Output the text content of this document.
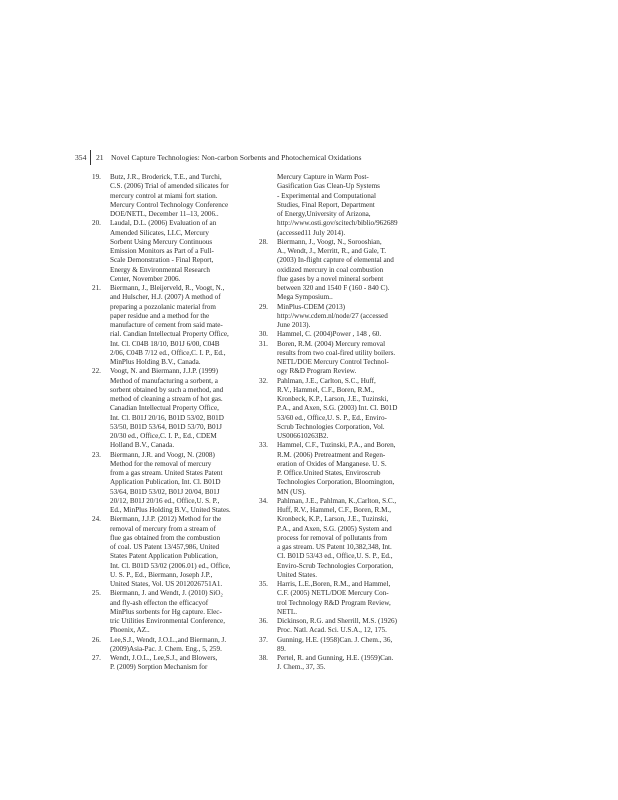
354 21 Novel Capture Technologies: Non-carbon Sorbents and Photochemical Oxidations
19. Butz, J.R., Broderick, T.E., and Turchi,
C.S. (2006) Trial of amended silicates for
mercury control at miami fort station.
Mercury Control Technology Conference
DOE/NETL, December 11–13, 2006..
20. Laudal, D.L. (2006) Evaluation of an
Amended Silicates, LLC, Mercury
Sorbent Using Mercury Continuous
Emission Monitors as Part of a Full-
Scale Demonstration - Final Report,
Energy & Environmental Research
Center, November 2006.
21. Biermann, J., Bleijerveld, R., Voogt, N.,
and Hulscher, H.J. (2007) A method of
preparing a pozzolanic material from
paper residue and a method for the
manufacture of cement from said mate-
rial. Candian Intellectual Property Office,
Int. Cl. C04B 18/10, B01J 6/00, C04B
2/06, C04B 7/12 ed., Office,C. I. P., Ed.,
MinPlus Holding B.V., Canada.
22. Voogt, N. and Biermann, J.J.P. (1999)
Method of manufacturing a sorbent, a
sorbent obtained by such a method, and
method of cleaning a stream of hot gas.
Canadian Intellectual Property Office,
Int. Cl. B01J 20/16, B01D 53/02, B01D
53/50, B01D 53/64, B01D 53/70, B01J
20/30 ed., Office,C. I. P., Ed., CDEM
Holland B.V., Canada.
23. Biermann, J.R. and Voogt, N. (2008)
Method for the removal of mercury
from a gas stream. United States Patent
Application Publication, Int. Cl. B01D
53/64, B01D 53/02, B01J 20/04, B01J
20/12, B01J 20/16 ed., Office,U. S. P.,
Ed., MinPlus Holding B.V., United States.
24. Biermann, J.J.P. (2012) Method for the
removal of mercury from a stream of
flue gas obtained from the combustion
of coal. US Patent 13/457,986, United
States Patent Application Publication,
Int. Cl. B01D 53/02 (2006.01) ed., Office,
U. S. P., Ed., Biermann, Joseph J.P.,
United States, Vol. US 2012026751A1.
25. Biermann, J. and Wendt, J. (2010) SiO₂
and fly-ash effecton the efficacyof
MinPlus sorbents for Hg capture. Elec-
tric Utilities Environmental Conference,
Phoenix, AZ..
26. Lee,S.J., Wendt, J.O.L.,and Biermann, J.
(2009)Asia-Pac. J. Chem. Eng., 5, 259.
27. Wendt, J.O.L., Lee,S.J., and Blowers,
P. (2009) Sorption Mechanism for
Mercury Capture in Warm Post-
Gasification Gas Clean-Up Systems
- Experimental and Computational
Studies, Final Report, Department
of Energy,University of Arizona,
http://www.osti.gov/scitech/biblio/962689
(accessed11 July 2014).
28. Biermann, J., Voogt, N., Sorooshian,
A., Wendt, J., Merritt, R., and Gale, T.
(2003) In-flight capture of elemental and
oxidized mercury in coal combustion
flue gases by a novel mineral sorbent
between 320 and 1540 F (160 - 840 C).
Mega Symposium..
29. MinPlus-CDEM (2013)
http://www.cdem.nl/node/27 (accessed
June 2013).
30. Hammel, C. (2004)Power , 148 , 60.
31. Boren, R.M. (2004) Mercury removal
results from two coal-fired utility boilers.
NETL/DOE Mercury Control Technol-
ogy R&D Program Review.
32. Pahlman, J.E., Carlton, S.C., Huff,
R.V., Hammel, C.F., Boren, R.M.,
Kronbeck, K.P., Larson, J.E., Tuzinski,
P.A., and Axen, S.G. (2003) Int. Cl. B01D
53/60 ed., Office,U. S. P., Ed., Enviro-
Scrub Technologies Corporation, Vol.
US006610263B2.
33. Hammel, C.F., Tuzinski, P.A., and Boren,
R.M. (2006) Pretreatment and Regen-
eration of Oxides of Manganese. U. S.
P. Office.United States, Enviroscrub
Technologies Corporation, Bloomington,
MN (US).
34. Pahlman, J.E., Pahlman, K.,Carlton, S.C.,
Huff, R.V., Hammel, C.F., Boren, R.M.,
Kronbeck, K.P., Larson, J.E., Tuzinski,
P.A., and Axen, S.G. (2005) System and
process for removal of pollutants from
a gas stream. US Patent 10,382,348, Int.
Cl. B01D 53/43 ed., Office,U. S. P., Ed.,
Enviro-Scrub Technologies Corporation,
United States.
35. Harris, L.E.,Boren, R.M., and Hammel,
C.F. (2005) NETL/DOE Mercury Con-
trol Technology R&D Program Review,
NETL.
36. Dickinson, R.G. and Sherrill, M.S. (1926)
Proc. Natl. Acad. Sci. U.S.A., 12, 175.
37. Gunning, H.E. (1958)Can. J. Chem., 36,
89.
38. Pertel, R. and Gunning, H.E. (1959)Can.
J. Chem., 37, 35.
